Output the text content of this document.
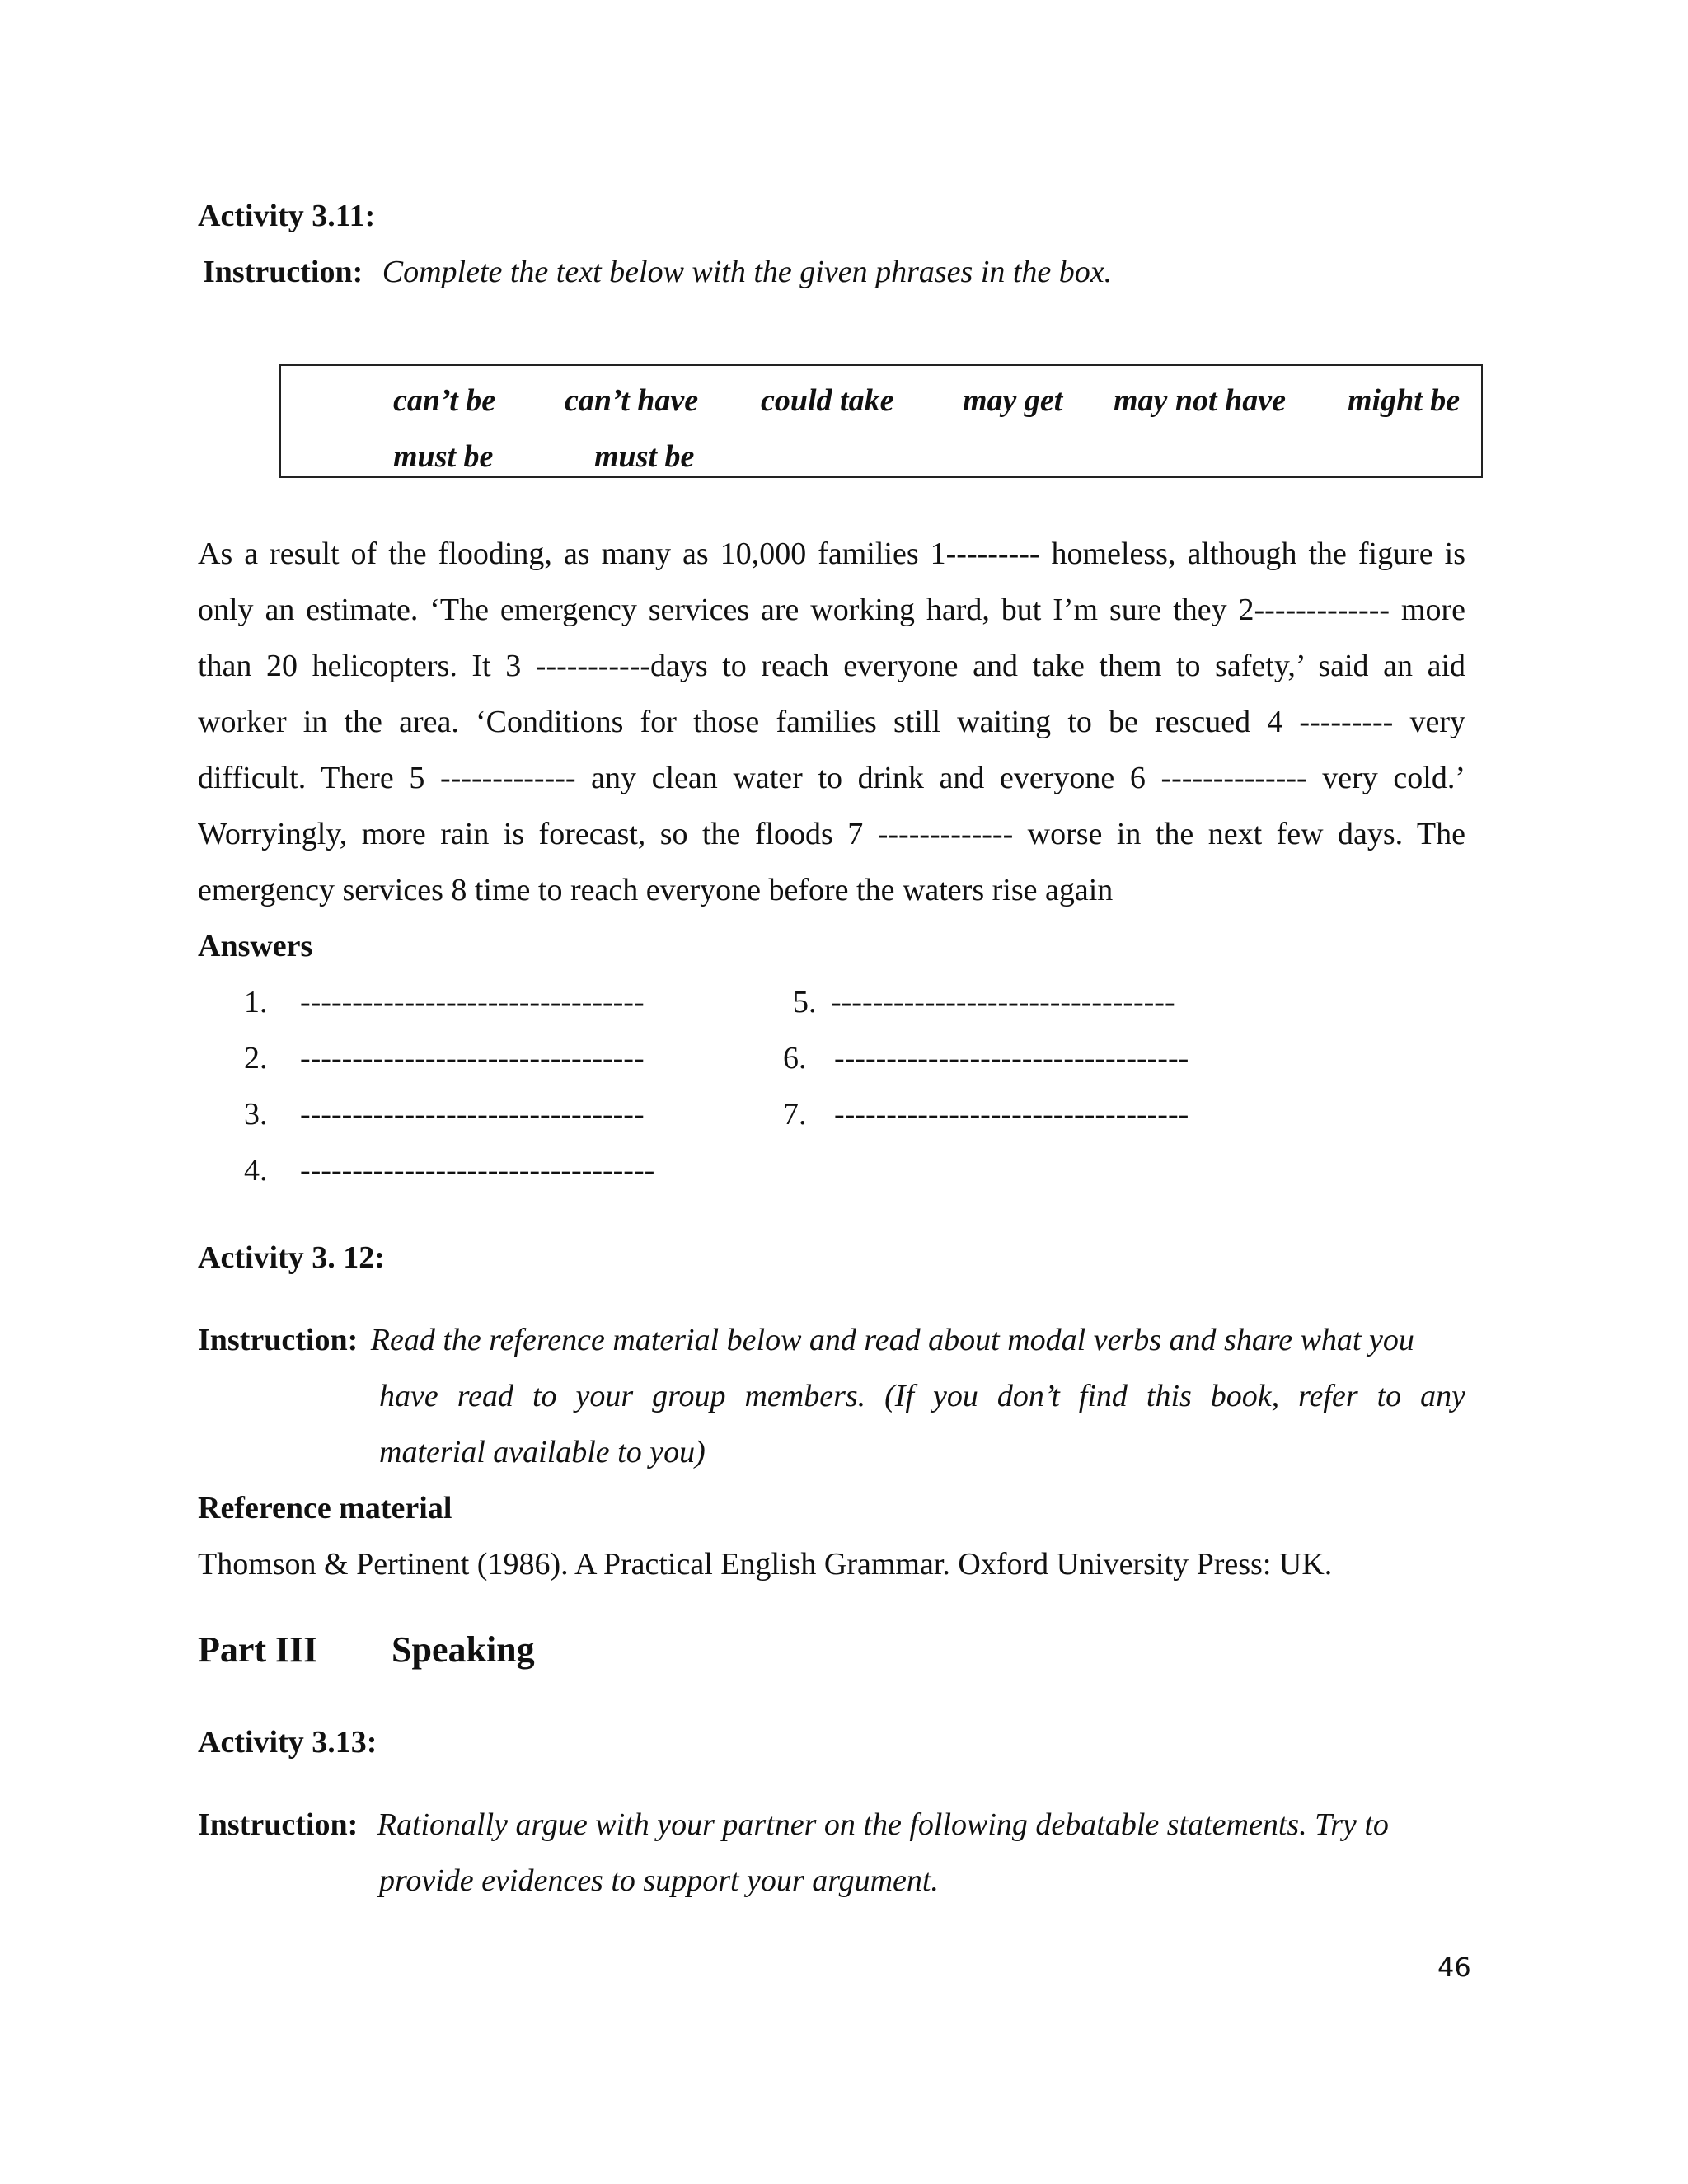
Activity 3.11:
Instruction: Complete the text below with the given phrases in the box.
can’t be can’t have could take may get may not have might be
must be	must be
As a result of the flooding, as many as 10,000 families 1--------- homeless, although the figure is
only an estimate. ‘The emergency services are working hard, but I’m sure they 2------------- more
than 20 helicopters. It 3 -----------days to reach everyone and take them to safety,’ said an aid
worker in the area. ‘Conditions for those families still waiting to be rescued 4 --------- very
difficult. There 5 ------------- any clean water to drink and everyone 6 -------------- very cold.’
Worryingly, more rain is forecast, so the floods 7 ------------- worse in the next few days. The
emergency services 8 time to reach everyone before the waters rise again
Answers
1. ---------------------------------
2. ---------------------------------
3. ---------------------------------
4. ----------------------------------
5. ---------------------------------
6. ----------------------------------
7. ----------------------------------
Activity 3. 12:
Instruction: Read the reference material below and read about modal verbs and share what you
have read to your group members. (If you don’t find this book, refer to any
material available to you)
Reference material
Thomson & Pertinent (1986). A Practical English Grammar. Oxford University Press: UK.
Part III Speaking
Activity 3.13:
Instruction: Rationally argue with your partner on the following debatable statements. Try to
provide evidences to support your argument.
46
